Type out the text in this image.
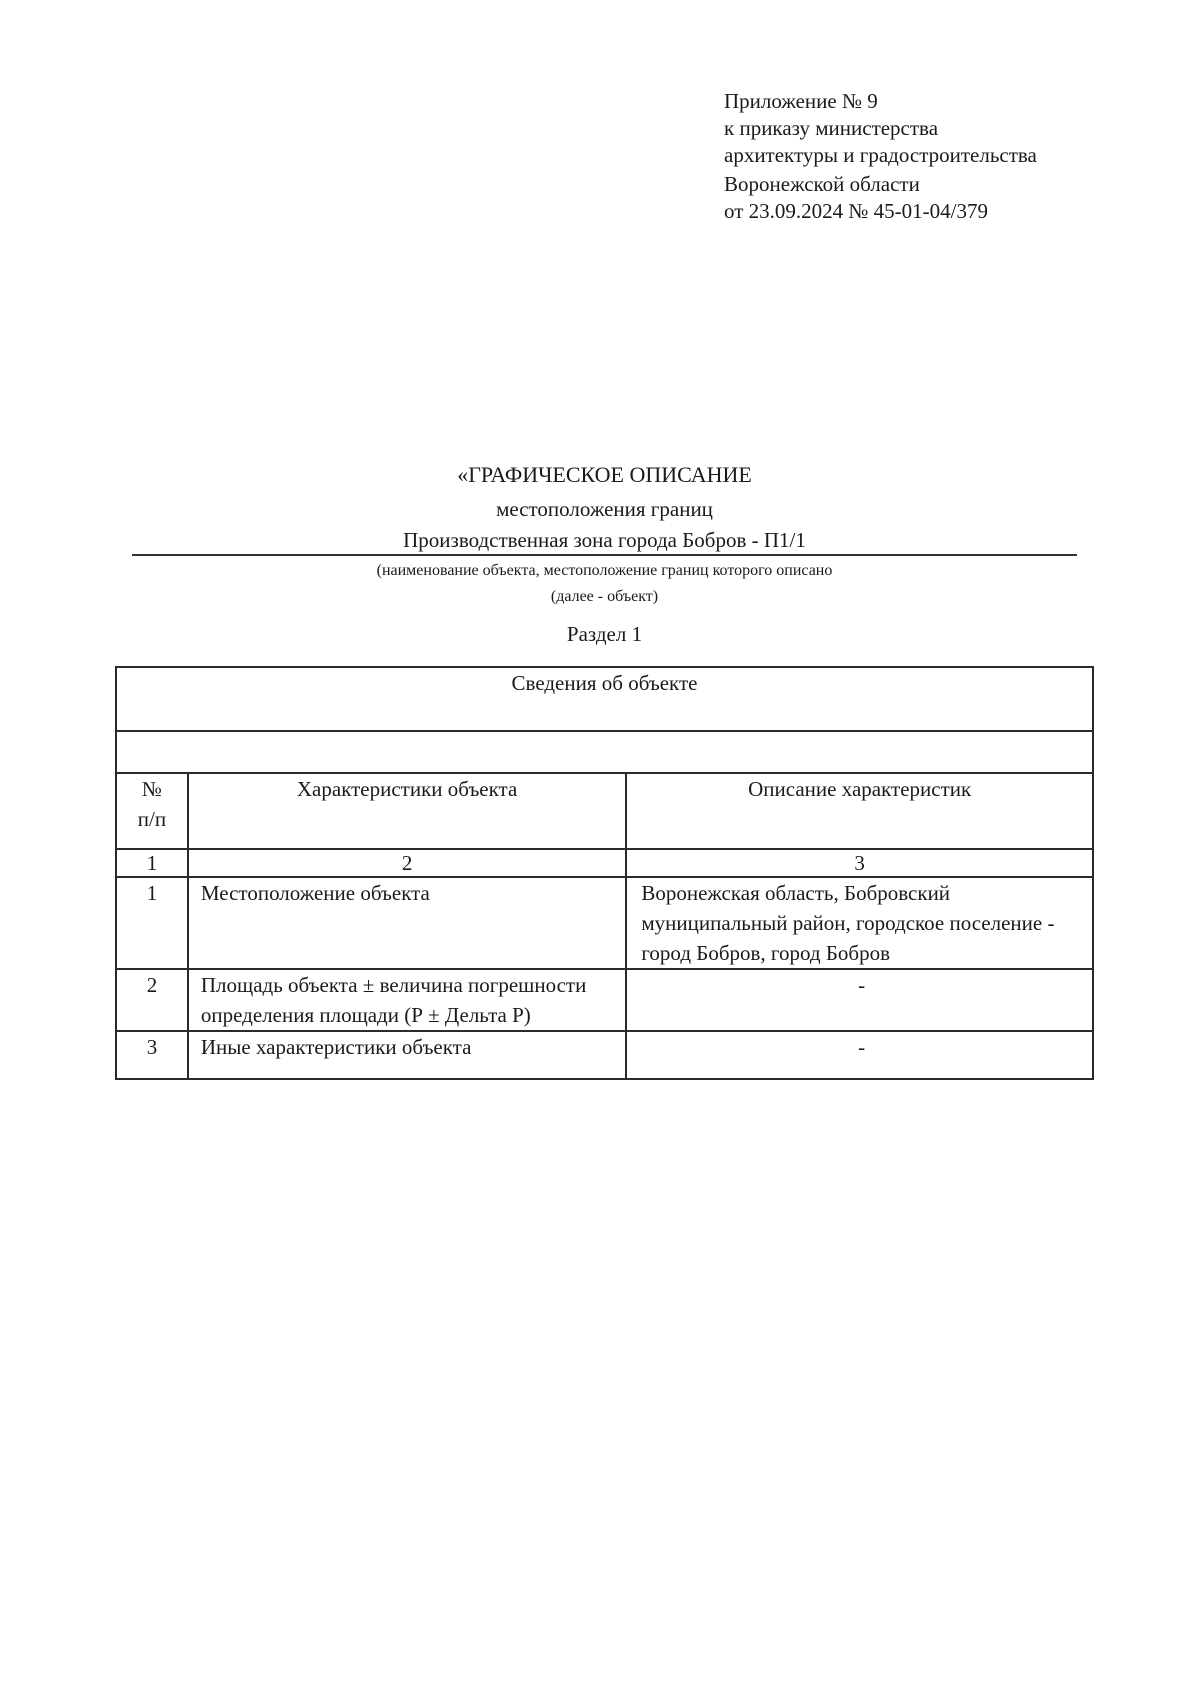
Приложение № 9
к приказу министерства
архитектуры и градостроительства
Воронежской области
от 23.09.2024 № 45-01-04/379
«ГРАФИЧЕСКОЕ ОПИСАНИЕ
местоположения границ
Производственная зона города Бобров - П1/1
(наименование объекта, местоположение границ которого описано
(далее - объект)
Раздел 1
Сведения об объекте		

№
п/п	Характеристики объекта	Описание характеристик
1	2	3
1	Местоположение объекта	Воронежская область, Бобровский муниципальный район, городское поселение - город Бобров, город Бобров
2	Площадь объекта ± величина погрешности определения площади (Р ± Дельта Р)	-
3	Иные характеристики объекта	-
